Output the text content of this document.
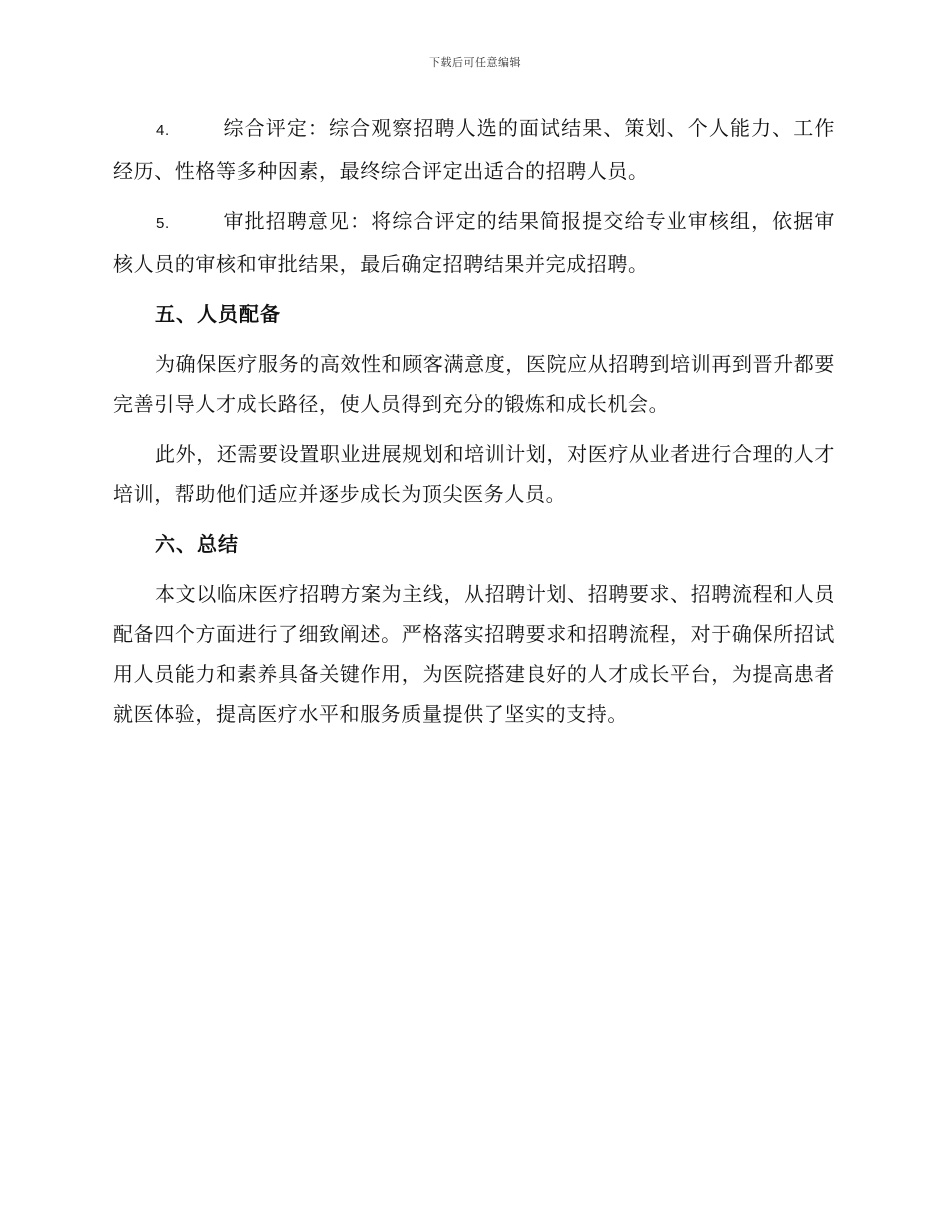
下载后可任意编辑

4.	综合评定：综合观察招聘人选的面试结果、策划、个人能力、工作经历、性格等多种因素，最终综合评定出适合的招聘人员。

5.	审批招聘意见：将综合评定的结果简报提交给专业审核组，依据审核人员的审核和审批结果，最后确定招聘结果并完成招聘。

五、人员配备

为确保医疗服务的高效性和顾客满意度，医院应从招聘到培训再到晋升都要完善引导人才成长路径，使人员得到充分的锻炼和成长机会。

此外，还需要设置职业进展规划和培训计划，对医疗从业者进行合理的人才培训，帮助他们适应并逐步成长为顶尖医务人员。

六、总结

本文以临床医疗招聘方案为主线，从招聘计划、招聘要求、招聘流程和人员配备四个方面进行了细致阐述。严格落实招聘要求和招聘流程，对于确保所招试用人员能力和素养具备关键作用，为医院搭建良好的人才成长平台，为提高患者就医体验，提高医疗水平和服务质量提供了坚实的支持。
